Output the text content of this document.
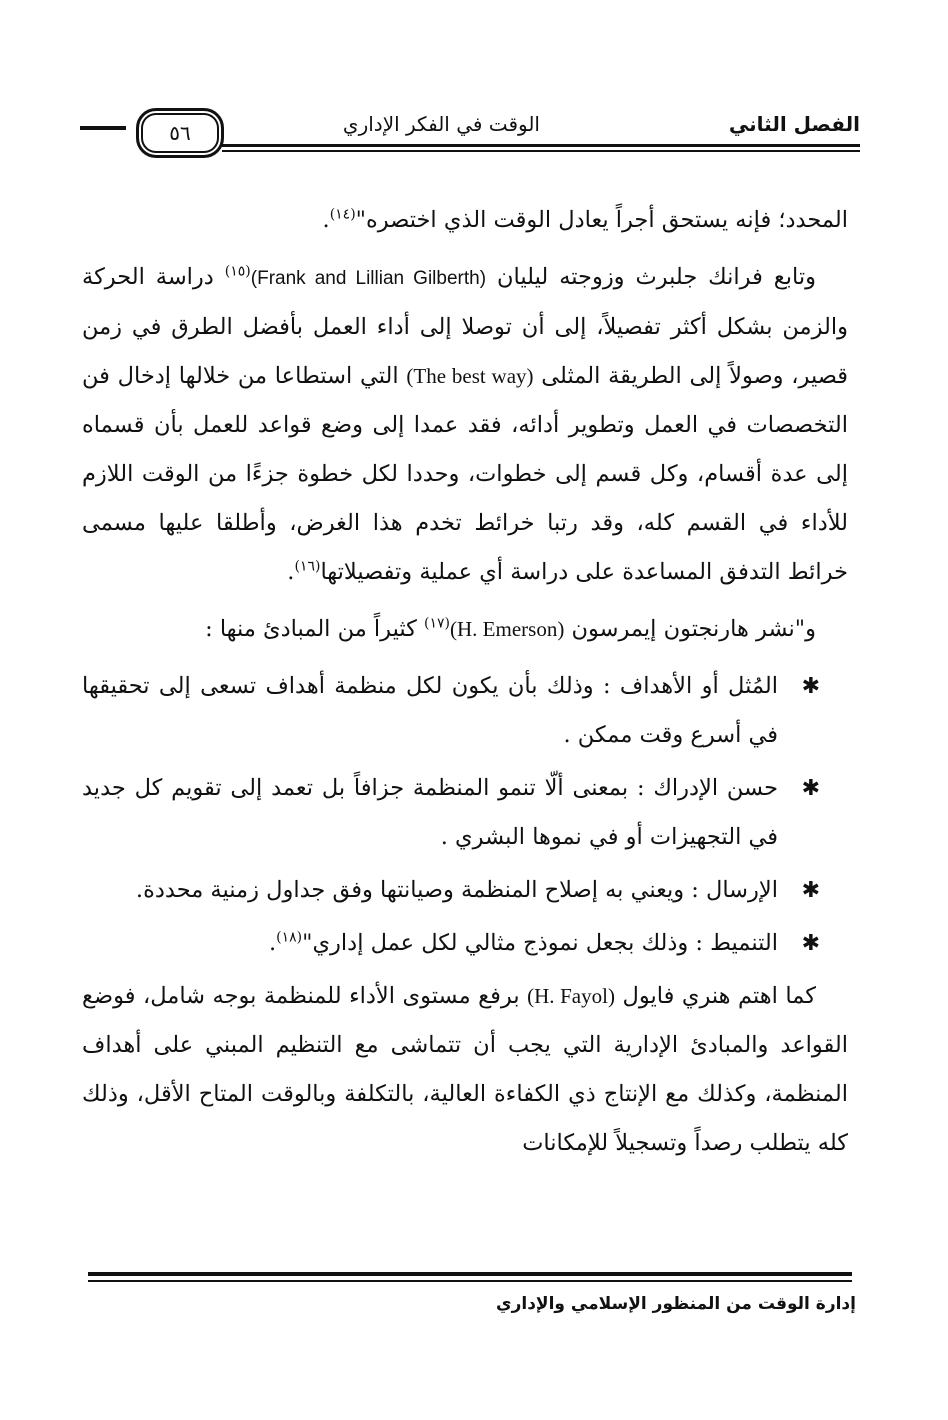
٥٦	الوقت في الفكر الإداري	الفصل الثاني

المحدد؛ فإنه يستحق أجراً يعادل الوقت الذي اختصره"$^{(١٤)}$.

وتابع فرانك جلبرث وزوجته ليليان (Frank and Lillian Gilberth)$^{(١٥)}$ دراسة الحركة والزمن بشكل أكثر تفصيلاً، إلى أن توصلا إلى أداء العمل بأفضل الطرق في زمن قصير، وصولاً إلى الطريقة المثلى (The best way) التي استطاعا من خلالها إدخال فن التخصصات في العمل وتطوير أدائه، فقد عمدا إلى وضع قواعد للعمل بأن قسماه إلى عدة أقسام، وكل قسم إلى خطوات، وحددا لكل خطوة جزءًا من الوقت اللازم للأداء في القسم كله، وقد رتبا خرائط تخدم هذا الغرض، وأطلقا عليها مسمى خرائط التدفق المساعدة على دراسة أي عملية وتفصيلاتها$^{(١٦)}$.

و"نشر هارنجتون إيمرسون (H. Emerson)$^{(١٧)}$ كثيراً من المبادئ منها :

✱
المُثل أو الأهداف : وذلك بأن يكون لكل منظمة أهداف تسعى إلى تحقيقها في أسرع وقت ممكن .
✱
حسن الإدراك : بمعنى ألّا تنمو المنظمة جزافاً بل تعمد إلى تقويم كل جديد في التجهيزات أو في نموها البشري .
✱
الإرسال : ويعني به إصلاح المنظمة وصيانتها وفق جداول زمنية محددة.
✱
التنميط : وذلك بجعل نموذج مثالي لكل عمل إداري"$^{(١٨)}$.

كما اهتم هنري فايول (H. Fayol) برفع مستوى الأداء للمنظمة بوجه شامل، فوضع القواعد والمبادئ الإدارية التي يجب أن تتماشى مع التنظيم المبني على أهداف المنظمة، وكذلك مع الإنتاج ذي الكفاءة العالية، بالتكلفة وبالوقت المتاح الأقل، وذلك كله يتطلب رصداً وتسجيلاً للإمكانات

إدارة الوقت من المنظور الإسلامي والإداري
